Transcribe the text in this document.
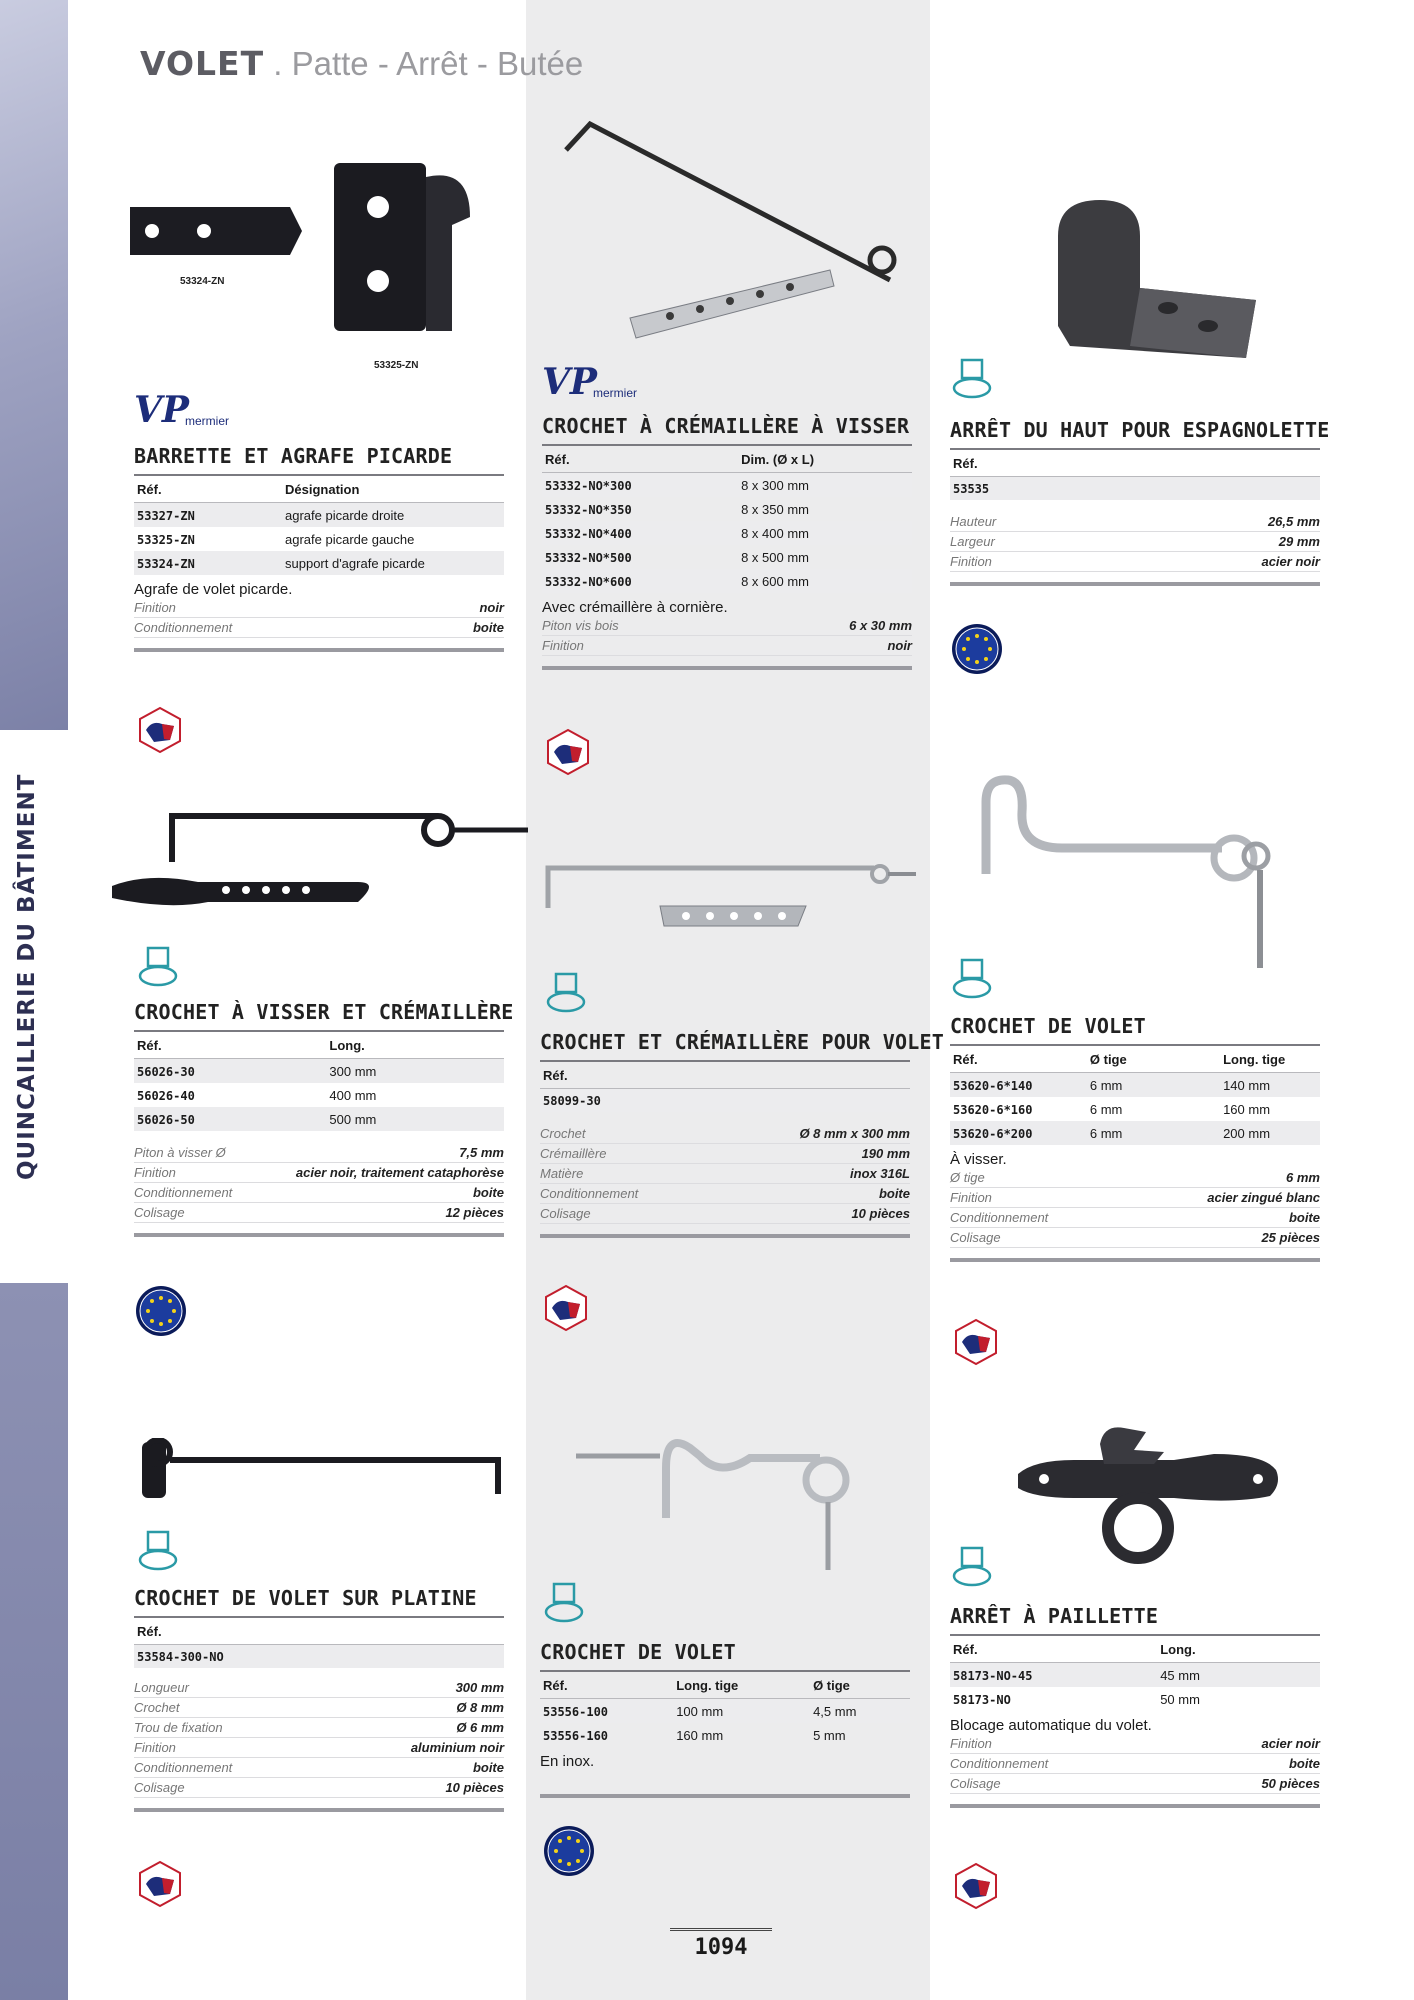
QUINCAILLERIE DU BÂTIMENT
VOLET . Patte - Arrêt - Butée
53324-ZN
53325-ZN
VP
mermier
BARRETTE ET AGRAFE PICARDE
Réf.	Désignation
53327-ZN	agrafe picarde droite
53325-ZN	agrafe picarde gauche
53324-ZN	support d'agrafe picarde
Agrafe de volet picarde.
Finition	noir
Conditionnement	boite
CROCHET À VISSER ET CRÉMAILLÈRE
Réf.	Long.
56026-30	300 mm
56026-40	400 mm
56026-50	500 mm
Piton à visser Ø	7,5 mm
Finition	acier noir, traitement cataphorèse
Conditionnement	boite
Colisage	12 pièces
CROCHET DE VOLET SUR PLATINE
Réf.
53584-300-NO
Longueur	300 mm
Crochet	Ø 8 mm
Trou de fixation	Ø 6 mm
Finition	aluminium noir
Conditionnement	boite
Colisage	10 pièces
VP
mermier
CROCHET À CRÉMAILLÈRE À VISSER
Réf.	Dim. (Ø x L)
53332-NO*300	8 x 300 mm
53332-NO*350	8 x 350 mm
53332-NO*400	8 x 400 mm
53332-NO*500	8 x 500 mm
53332-NO*600	8 x 600 mm
Avec crémaillère à cornière.
Piton vis bois	6 x 30 mm
Finition	noir
CROCHET ET CRÉMAILLÈRE POUR VOLET
Réf.
58099-30
Crochet	Ø 8 mm x 300 mm
Crémaillère	190 mm
Matière	inox 316L
Conditionnement	boite
Colisage	10 pièces
CROCHET DE VOLET
Réf.	Long. tige	Ø tige
53556-100	100 mm	4,5 mm
53556-160	160 mm	5 mm
En inox.
1094
ARRÊT DU HAUT POUR ESPAGNOLETTE
Réf.
53535
Hauteur	26,5 mm
Largeur	29 mm
Finition	acier noir
CROCHET DE VOLET
Réf.	Ø tige	Long. tige
53620-6*140	6 mm	140 mm
53620-6*160	6 mm	160 mm
53620-6*200	6 mm	200 mm
À visser.
Ø tige	6 mm
Finition	acier zingué blanc
Conditionnement	boite
Colisage	25 pièces
ARRÊT À PAILLETTE
Réf.	Long.
58173-NO-45	45 mm
58173-NO	50 mm
Blocage automatique du volet.
Finition	acier noir
Conditionnement	boite
Colisage	50 pièces
